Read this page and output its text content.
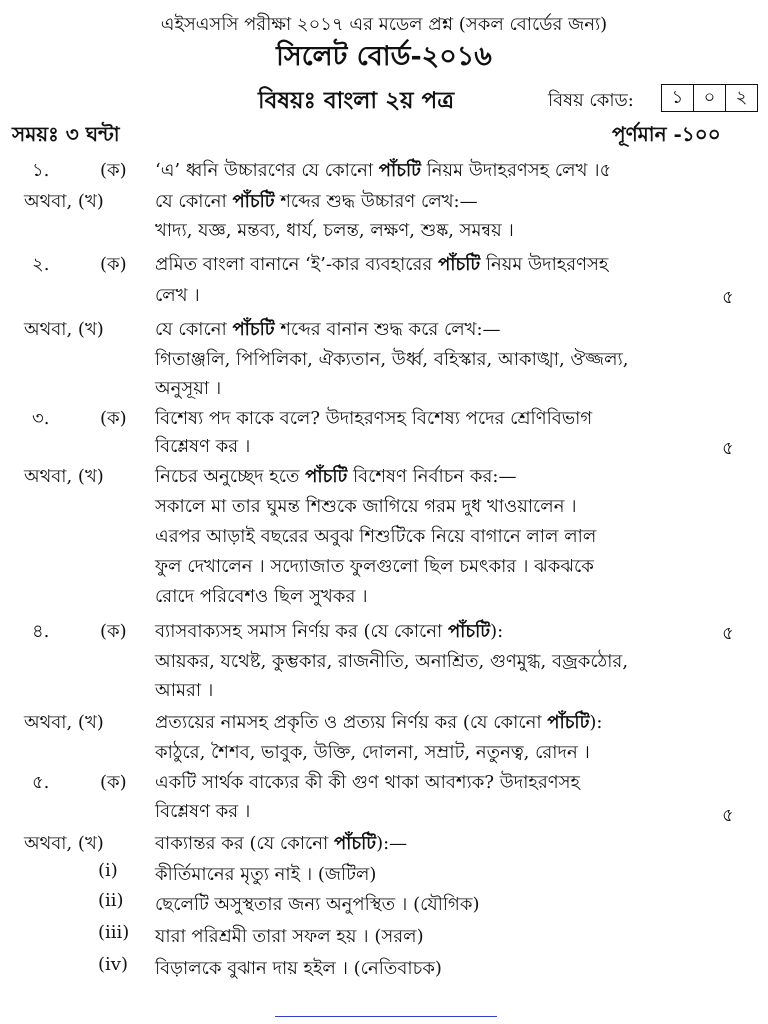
এইসএসসি পরীক্ষা ২০১৭ এর মডেল প্রশ্ন (সকল বোর্ডের জন্য)
সিলেট বোর্ড-২০১৬
বিষয়ঃ বাংলা ২য় পত্র	বিষয় কোড:	১	০	২
সময়ঃ ৩ ঘন্টা	পূর্ণমান -১০০
১.	(ক) ‘এ’ ধ্বনি উচ্চারণের যে কোনো পাঁচটি নিয়ম উদাহরণসহ লেখ ।৫
অথবা, (খ)	যে কোনো পাঁচটি শব্দের শুদ্ধ উচ্চারণ লেখ:—
খাদ্য, যজ্ঞ, মন্তব্য, ধার্য, চলন্ত, লক্ষণ, শুষ্ক, সমন্বয় ।
২.	(ক) প্রমিত বাংলা বানানে ‘ই’-কার ব্যবহারের পাঁচটি নিয়ম উদাহরণসহ
লেখ ।	৫
অথবা, (খ)	যে কোনো পাঁচটি শব্দের বানান শুদ্ধ করে লেখ:—
গিতাঞ্জলি, পিপিলিকা, ঐক্যতান, উর্ধ্ব, বহিস্কার, আকাঙ্খা, ঔজ্জল্য,
অনুসূয়া ।
৩.	(ক) বিশেষ্য পদ কাকে বলে? উদাহরণসহ বিশেষ্য পদের শ্রেণিবিভাগ
বিশ্লেষণ কর ।	৫
অথবা, (খ)	নিচের অনুচ্ছেদ হতে পাঁচটি বিশেষণ নির্বাচন কর:—
সকালে মা তার ঘুমন্ত শিশুকে জাগিয়ে গরম দুধ খাওয়ালেন ।
এরপর আড়াই বছরের অবুঝ শিশুটিকে নিয়ে বাগানে লাল লাল
ফুল দেখালেন । সদ্যোজাত ফুলগুলো ছিল চমৎকার । ঝকঝকে
রোদে পরিবেশও ছিল সুখকর ।
৪.	(ক) ব্যাসবাক্যসহ সমাস নির্ণয় কর (যে কোনো পাঁচটি):	৫
আয়কর, যথেষ্ট, কুম্ভকার, রাজনীতি, অনাশ্রিত, গুণমুগ্ধ, বজ্রকঠোর,
আমরা ।
অথবা, (খ)	প্রত্যয়ের নামসহ প্রকৃতি ও প্রত্যয় নির্ণয় কর (যে কোনো পাঁচটি):
কাঠুরে, শৈশব, ভাবুক, উক্তি, দোলনা, সম্রাট, নতুনত্ব, রোদন ।
৫.	(ক) একটি সার্থক বাক্যের কী কী গুণ থাকা আবশ্যক? উদাহরণসহ
বিশ্লেষণ কর ।	৫
অথবা, (খ)	বাক্যান্তর কর (যে কোনো পাঁচটি):—
(i) কীর্তিমানের মৃত্যু নাই । (জটিল)
(ii) ছেলেটি অসুস্থতার জন্য অনুপস্থিত । (যৌগিক)
(iii) যারা পরিশ্রমী তারা সফল হয় । (সরল)
(iv) বিড়ালকে বুঝান দায় হইল । (নেতিবাচক)
